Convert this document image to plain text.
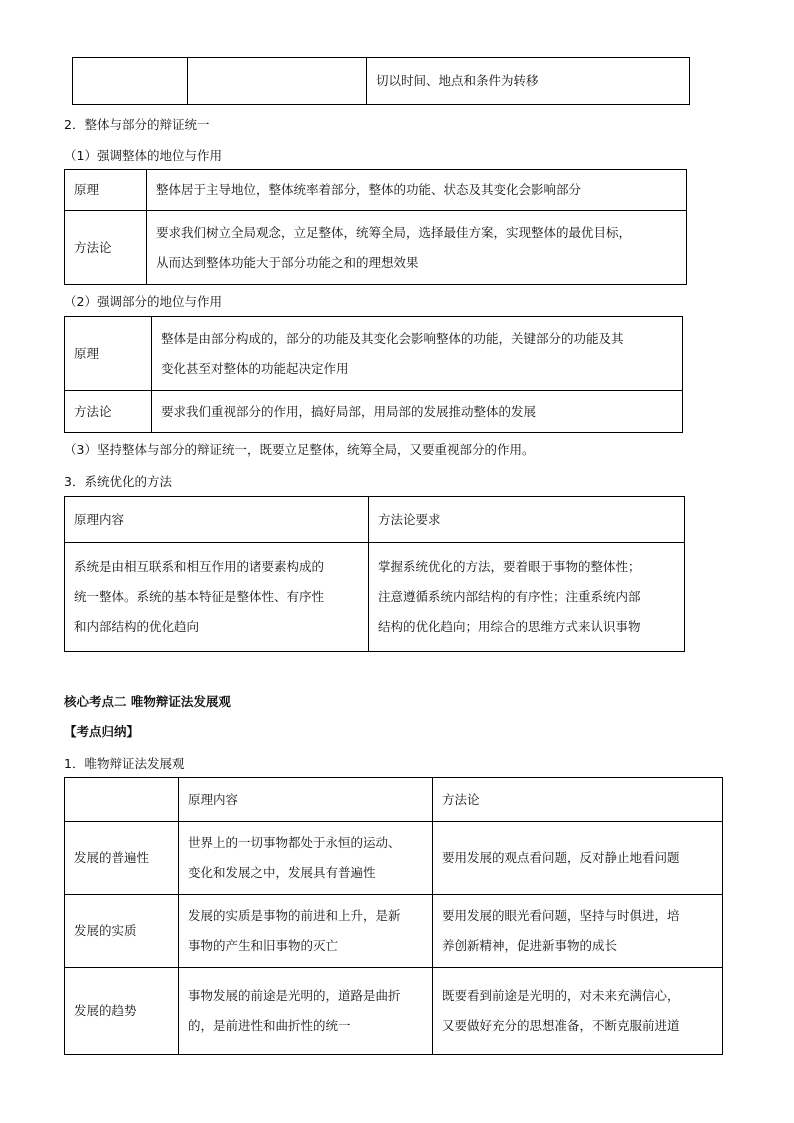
		切以时间、地点和条件为转移
2．整体与部分的辩证统一
（1）强调整体的地位与作用
原理	整体居于主导地位，整体统率着部分，整体的功能、状态及其变化会影响部分

方法论	要求我们树立全局观念，立足整体，统筹全局，选择最佳方案，实现整体的最优目标，
从而达到整体功能大于部分功能之和的理想效果
（2）强调部分的地位与作用
原理	整体是由部分构成的，部分的功能及其变化会影响整体的功能，关键部分的功能及其
变化甚至对整体的功能起决定作用

方法论	要求我们重视部分的作用，搞好局部，用局部的发展推动整体的发展
（3）坚持整体与部分的辩证统一，既要立足整体，统筹全局，又要重视部分的作用。
3．系统优化的方法
原理内容	方法论要求

系统是由相互联系和相互作用的诸要素构成的
统一整体。系统的基本特征是整体性、有序性
和内部结构的优化趋向	掌握系统优化的方法，要着眼于事物的整体性；
注意遵循系统内部结构的有序性；注重系统内部
结构的优化趋向；用综合的思维方式来认识事物
核心考点二 唯物辩证法发展观
【考点归纳】
1．唯物辩证法发展观
	原理内容	方法论
发展的普遍性	世界上的一切事物都处于永恒的运动、
变化和发展之中，发展具有普遍性	要用发展的观点看问题，反对静止地看问题

发展的实质	发展的实质是事物的前进和上升，是新
事物的产生和旧事物的灭亡	要用发展的眼光看问题，坚持与时俱进，培
养创新精神，促进新事物的成长

发展的趋势	事物发展的前途是光明的，道路是曲折
的，是前进性和曲折性的统一	既要看到前途是光明的，对未来充满信心，
又要做好充分的思想准备，不断克服前进道
